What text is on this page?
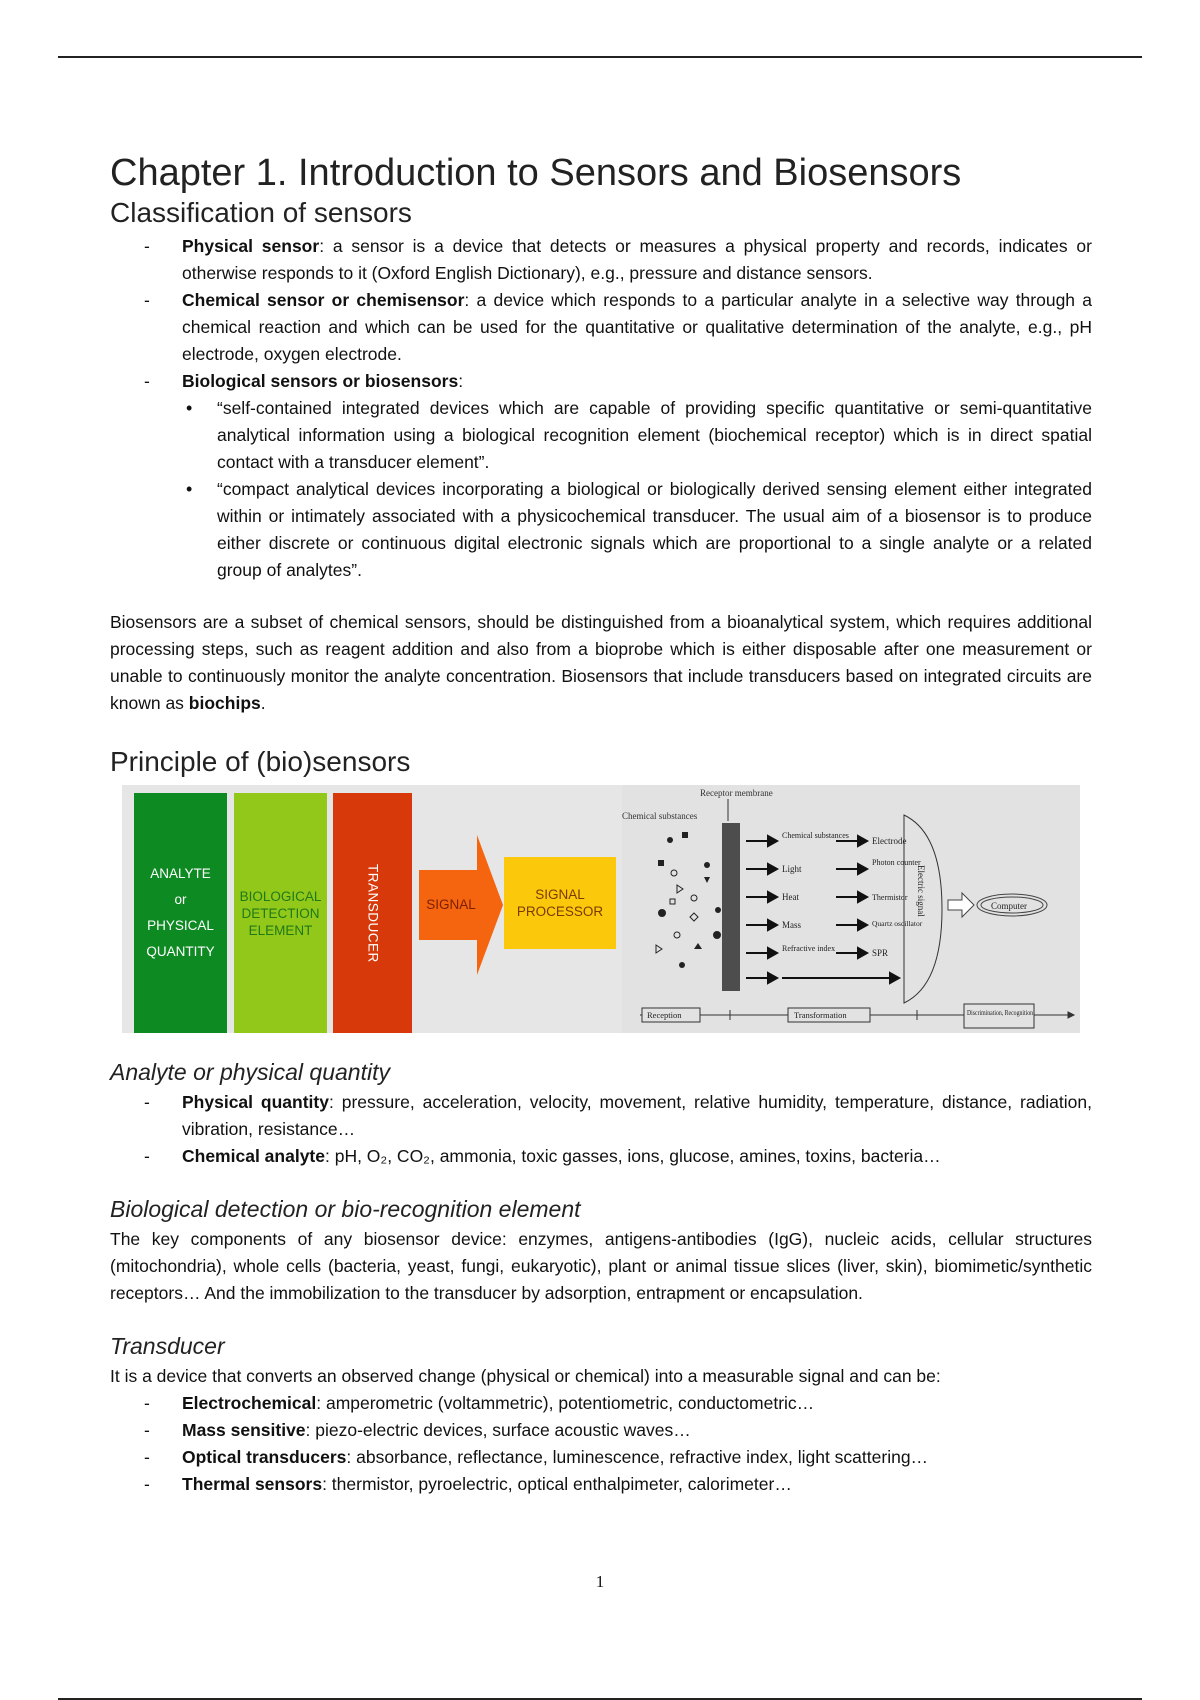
Chapter 1. Introduction to Sensors and Biosensors
Classification of sensors
- Physical sensor: a sensor is a device that detects or measures a physical property and records, indicates or otherwise responds to it (Oxford English Dictionary), e.g., pressure and distance sensors.
- Chemical sensor or chemisensor: a device which responds to a particular analyte in a selective way through a chemical reaction and which can be used for the quantitative or qualitative determination of the analyte, e.g., pH electrode, oxygen electrode.
- Biological sensors or biosensors:
• “self-contained integrated devices which are capable of providing specific quantitative or semi-quantitative analytical information using a biological recognition element (biochemical receptor) which is in direct spatial contact with a transducer element”.
• “compact analytical devices incorporating a biological or biologically derived sensing element either integrated within or intimately associated with a physicochemical transducer. The usual aim of a biosensor is to produce either discrete or continuous digital electronic signals which are proportional to a single analyte or a related group of analytes”.

Biosensors are a subset of chemical sensors, should be distinguished from a bioanalytical system, which requires additional processing steps, such as reagent addition and also from a bioprobe which is either disposable after one measurement or unable to continuously monitor the analyte concentration. Biosensors that include transducers based on integrated circuits are known as biochips.

Principle of (bio)sensors
ANALYTE
or
PHYSICAL
QUANTITY
BIOLOGICAL
DETECTION
ELEMENT	TRANSDUCER	SIGNAL
SIGNAL
PROCESSOR
Receptor membrane
Chemical substances
Chemical substances
Light
Heat
Mass
Refractive index
Electrode
Photon counter
Thermistor
Quartz oscillator
SPR
Electric signal	Computer
Reception	Transformation	Discrimination, Recognition
Analyte or physical quantity
- Physical quantity: pressure, acceleration, velocity, movement, relative humidity, temperature, distance, radiation, vibration, resistance…
- Chemical analyte: pH, O₂, CO₂, ammonia, toxic gasses, ions, glucose, amines, toxins, bacteria…
Biological detection or bio-recognition element

The key components of any biosensor device: enzymes, antigens-antibodies (IgG), nucleic acids, cellular structures (mitochondria), whole cells (bacteria, yeast, fungi, eukaryotic), plant or animal tissue slices (liver, skin), biomimetic/synthetic receptors… And the immobilization to the transducer by adsorption, entrapment or encapsulation.

Transducer

It is a device that converts an observed change (physical or chemical) into a measurable signal and can be:

- Electrochemical: amperometric (voltammetric), potentiometric, conductometric…
- Mass sensitive: piezo-electric devices, surface acoustic waves…
- Optical transducers: absorbance, reflectance, luminescence, refractive index, light scattering…
- Thermal sensors: thermistor, pyroelectric, optical enthalpimeter, calorimeter…
1
